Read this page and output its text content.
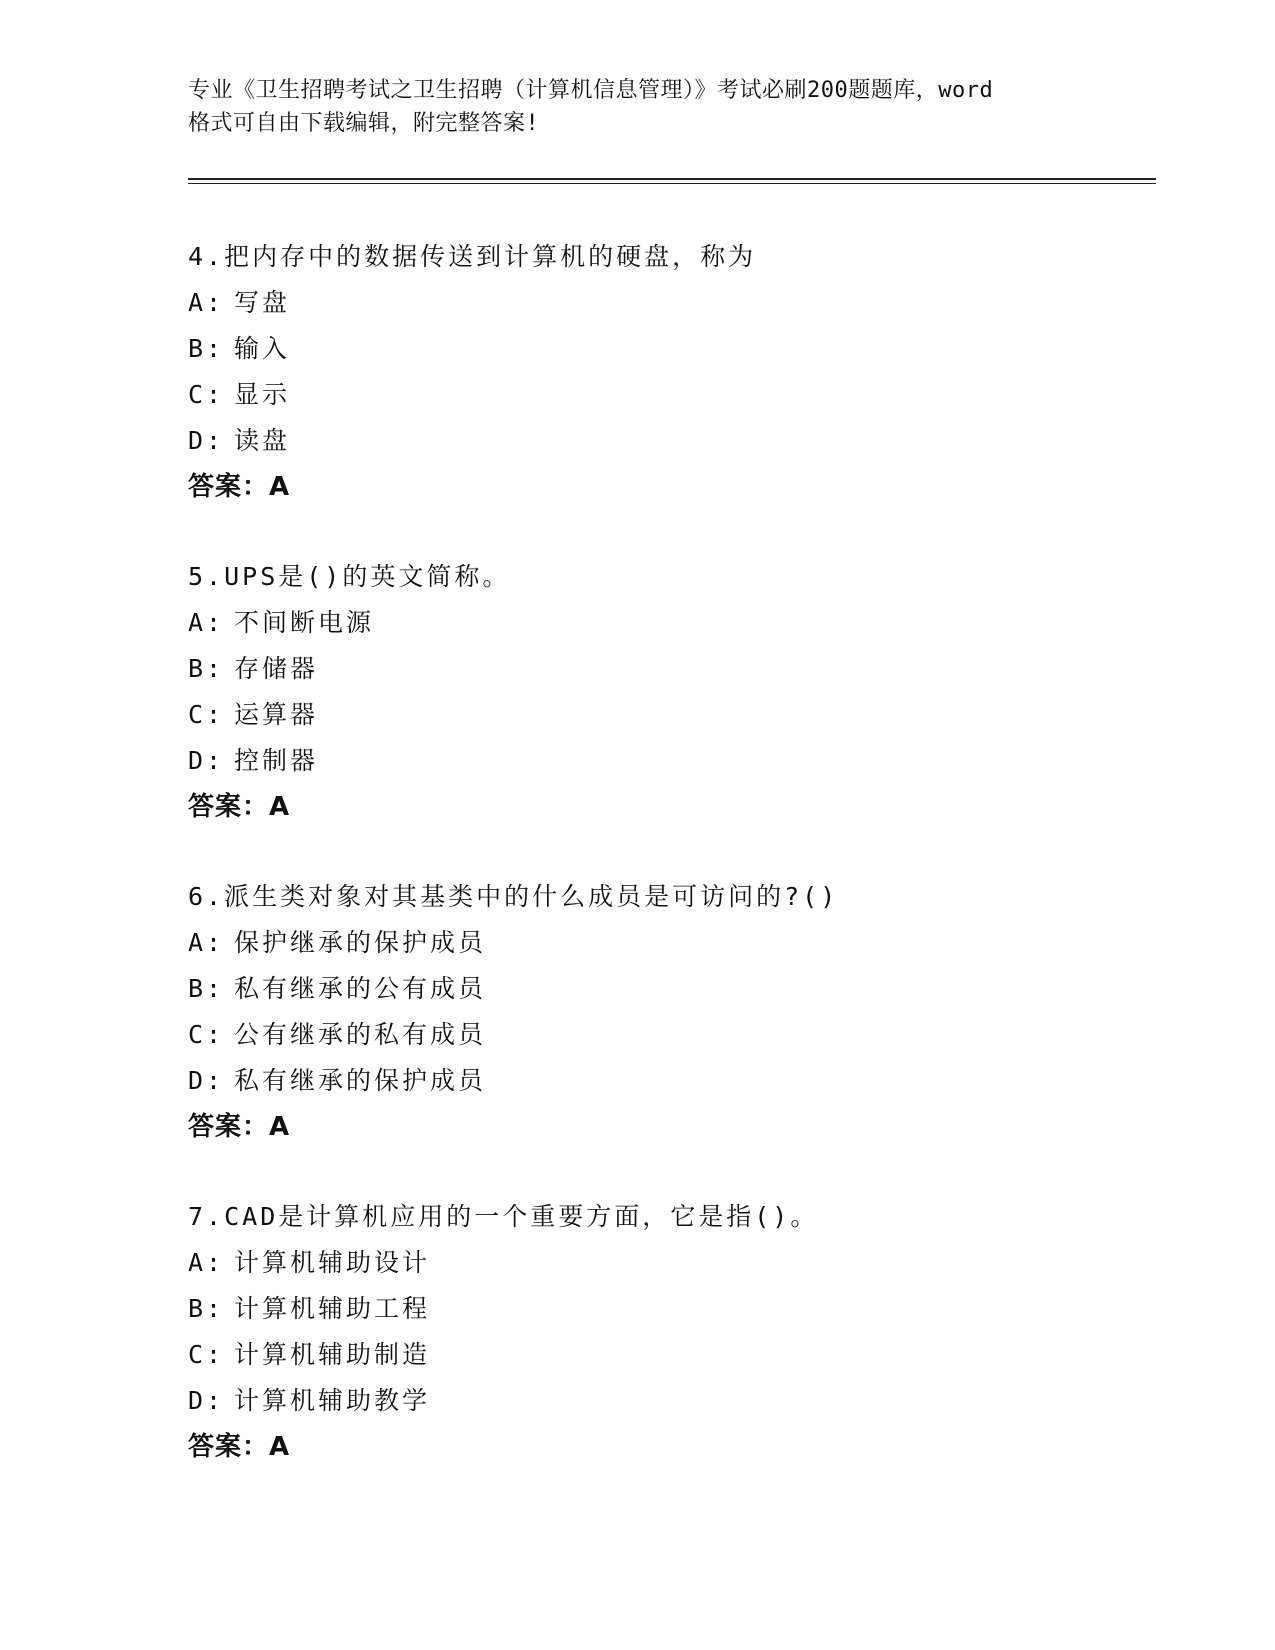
专业《卫生招聘考试之卫生招聘（计算机信息管理）》考试必刷200题题库，word
格式可自由下载编辑，附完整答案!
4.把内存中的数据传送到计算机的硬盘，称为
A: 写盘
B: 输入
C: 显示
D: 读盘
答案：A
5.UPS是()的英文简称。
A: 不间断电源
B: 存储器
C: 运算器
D: 控制器
答案：A
6.派生类对象对其基类中的什么成员是可访问的?()
A: 保护继承的保护成员
B: 私有继承的公有成员
C: 公有继承的私有成员
D: 私有继承的保护成员
答案：A
7.CAD是计算机应用的一个重要方面，它是指()。
A: 计算机辅助设计
B: 计算机辅助工程
C: 计算机辅助制造
D: 计算机辅助教学
答案：A
